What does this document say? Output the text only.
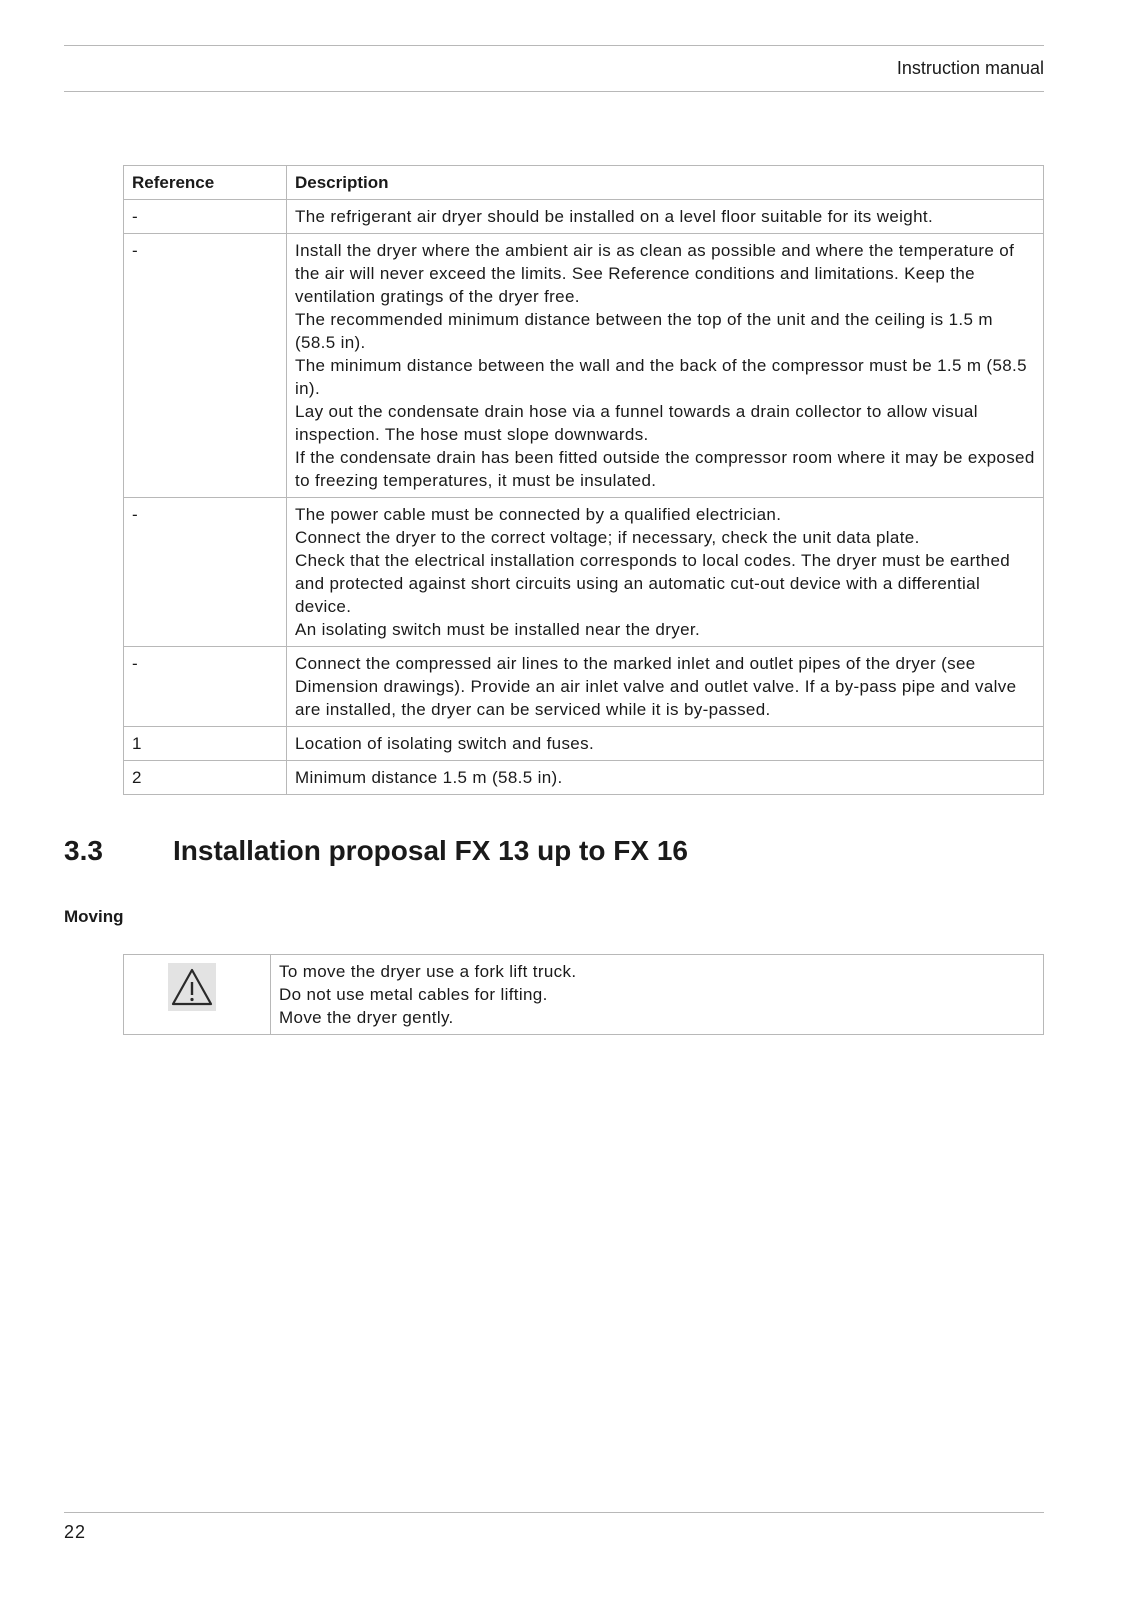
Instruction manual
Reference	Description
-	The refrigerant air dryer should be installed on a level floor suitable for its weight.

-	Install the dryer where the ambient air is as clean as possible and where the temperature of the air will never exceed the limits. See Reference conditions and limitations. Keep the ventilation gratings of the dryer free.
The recommended minimum distance between the top of the unit and the ceiling is 1.5 m (58.5 in).
The minimum distance between the wall and the back of the compressor must be 1.5 m (58.5 in).
Lay out the condensate drain hose via a funnel towards a drain collector to allow visual inspection. The hose must slope downwards.
If the condensate drain has been fitted outside the compressor room where it may be exposed to freezing temperatures, it must be insulated.

-	The power cable must be connected by a qualified electrician.
Connect the dryer to the correct voltage; if necessary, check the unit data plate.
Check that the electrical installation corresponds to local codes. The dryer must be earthed and protected against short circuits using an automatic cut-out device with a differential device.
An isolating switch must be installed near the dryer.

-	Connect the compressed air lines to the marked inlet and outlet pipes of the dryer (see Dimension drawings). Provide an air inlet valve and outlet valve. If a by-pass pipe and valve are installed, the dryer can be serviced while it is by-passed.

1	Location of isolating switch and fuses.

2	Minimum distance 1.5 m (58.5 in).
3.3	Installation proposal FX 13 up to FX 16
Moving

To move the dryer use a fork lift truck.
Do not use metal cables for lifting.
Move the dryer gently.
22
